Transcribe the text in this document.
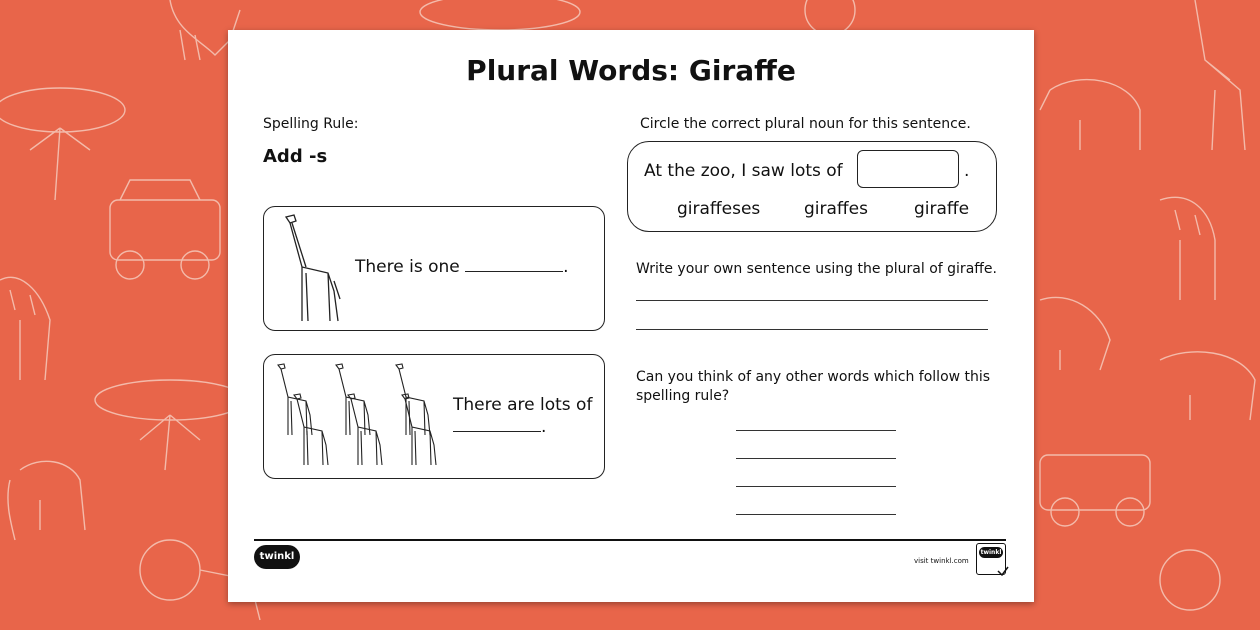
Plural Words: Giraffe
Spelling Rule:
Add -s
There is one	.
There are lots of
.
Circle the correct plural noun for this sentence.
At the zoo, I saw lots of	.
giraffeses	giraffes	giraffe
Write your own sentence using the plural of giraffe.
Can you think of any other words which follow this
spelling rule?
twinkl	visit twinkl.com
twinkl
